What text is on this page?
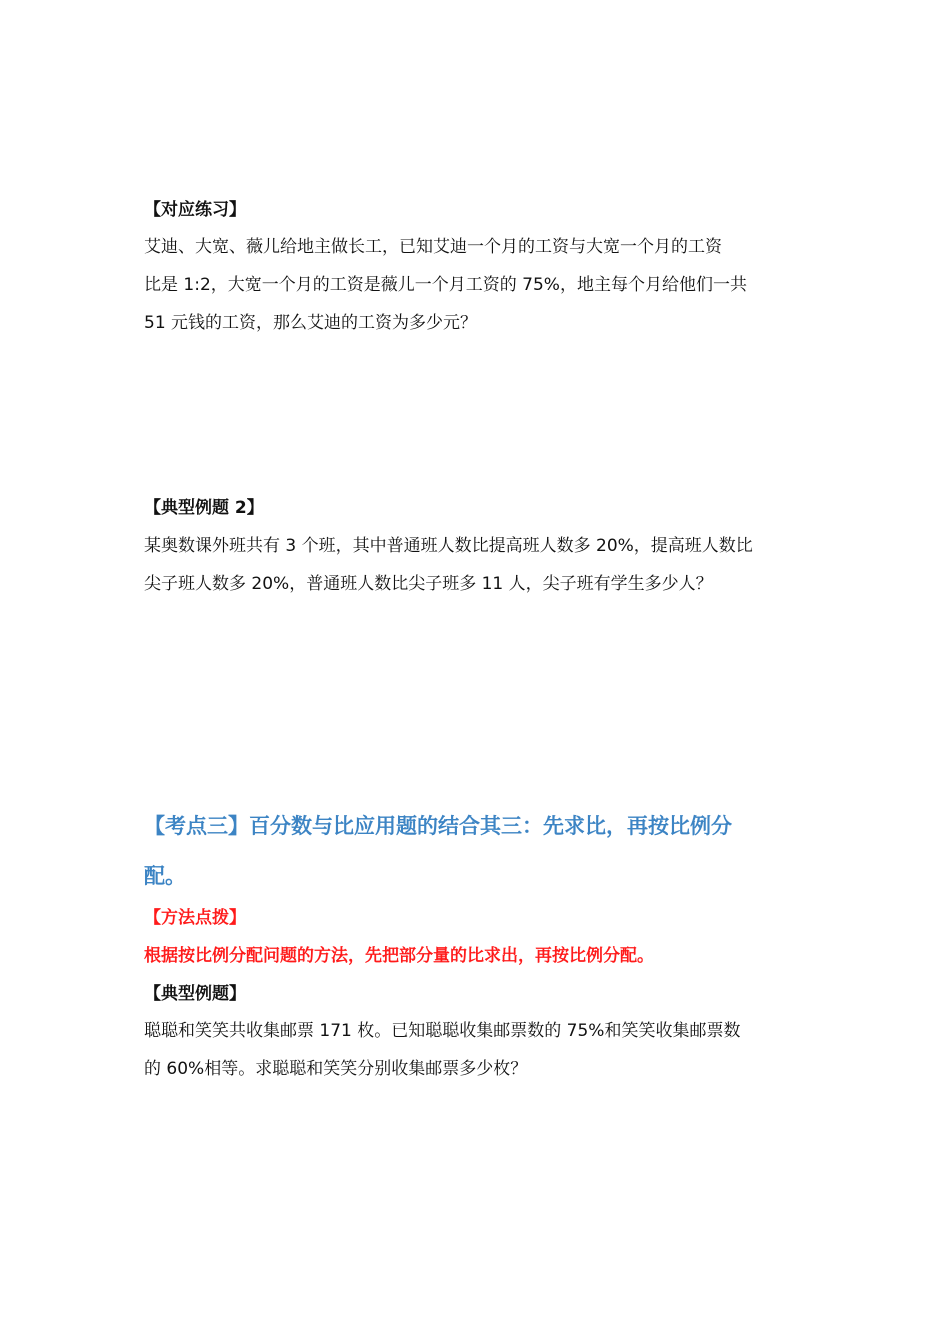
【对应练习】

艾迪、大宽、薇儿给地主做长工，已知艾迪一个月的工资与大宽一个月的工资

比是 1:2，大宽一个月的工资是薇儿一个月工资的 75%，地主每个月给他们一共

51 元钱的工资，那么艾迪的工资为多少元？

【典型例题 2】

某奥数课外班共有 3 个班，其中普通班人数比提高班人数多 20%，提高班人数比

尖子班人数多 20%，普通班人数比尖子班多 11 人，尖子班有学生多少人？

【考点三】百分数与比应用题的结合其三：先求比，再按比例分

配。

【方法点拨】

根据按比例分配问题的方法，先把部分量的比求出，再按比例分配。

【典型例题】

聪聪和笑笑共收集邮票 171 枚。已知聪聪收集邮票数的 75%和笑笑收集邮票数

的 60%相等。求聪聪和笑笑分别收集邮票多少枚？
